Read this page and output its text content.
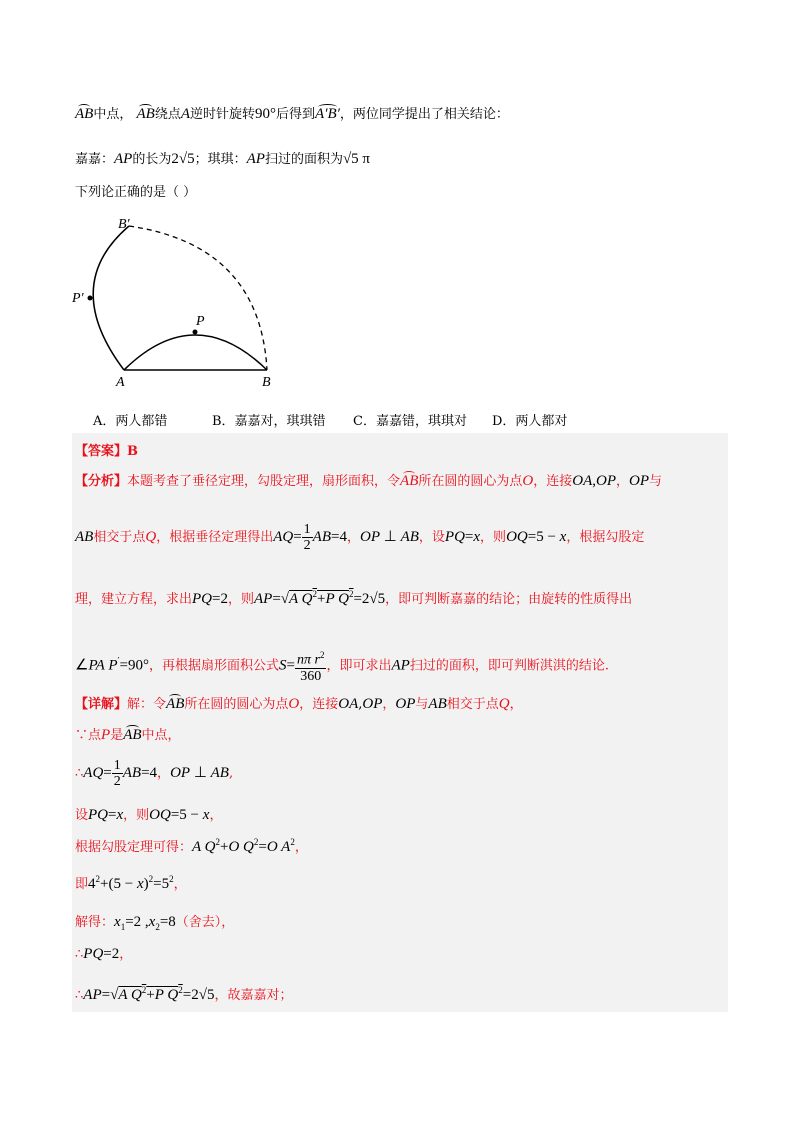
AB中点， AB绕点A逆时针旋转90°后得到A′B′，两位同学提出了相关结论：
嘉嘉：AP的长为2√5；琪琪：AP扫过的面积为√5 π
下列论正确的是（ ）
A	B
P
B′
P′
A．两人都错	B．嘉嘉对，琪琪错 C．嘉嘉错，琪琪对 D．两人都对
【答案】B
【分析】本题考查了垂径定理，勾股定理，扇形面积，令AB所在圆的圆心为点O，连接OA,OP，OP与
AB相交于点Q，根据垂径定理得出$AQ= \frac{1}{2} AB=4$，OP ⊥ AB，设PQ=x，则OQ=5 − x，根据勾股定
理，建立方程，求出PQ=2，则AP=√A $Q^2+P$ $Q^2=2√5$，即可判断嘉嘉的结论；由旋转的性质得出
∠PA P′=90°，再根据扇形面积公式$S= \frac{n\pi r^2}{360}$ ，即可求出AP扫过的面积，即可判断淇淇的结论.
【详解】解：令AB所在圆的圆心为点O，连接OA,OP，OP与AB相交于点Q，
∵点P是AB中点，
∴AQ= $\frac{1}{2} AB=4$，OP ⊥ AB,
设PQ=x，则OQ=5 − x，
根据勾股定理可得：A $Q^2+O$ $Q^2=O$ $A^2$，
即$4^2+(5 - x)^2=5^2$，
解得：$x_1=2$ $,x_2=8$（舍去），
∴PQ=2，
∴AP=√A $Q^2+P$ $Q^2=2√5$，故嘉嘉对；
